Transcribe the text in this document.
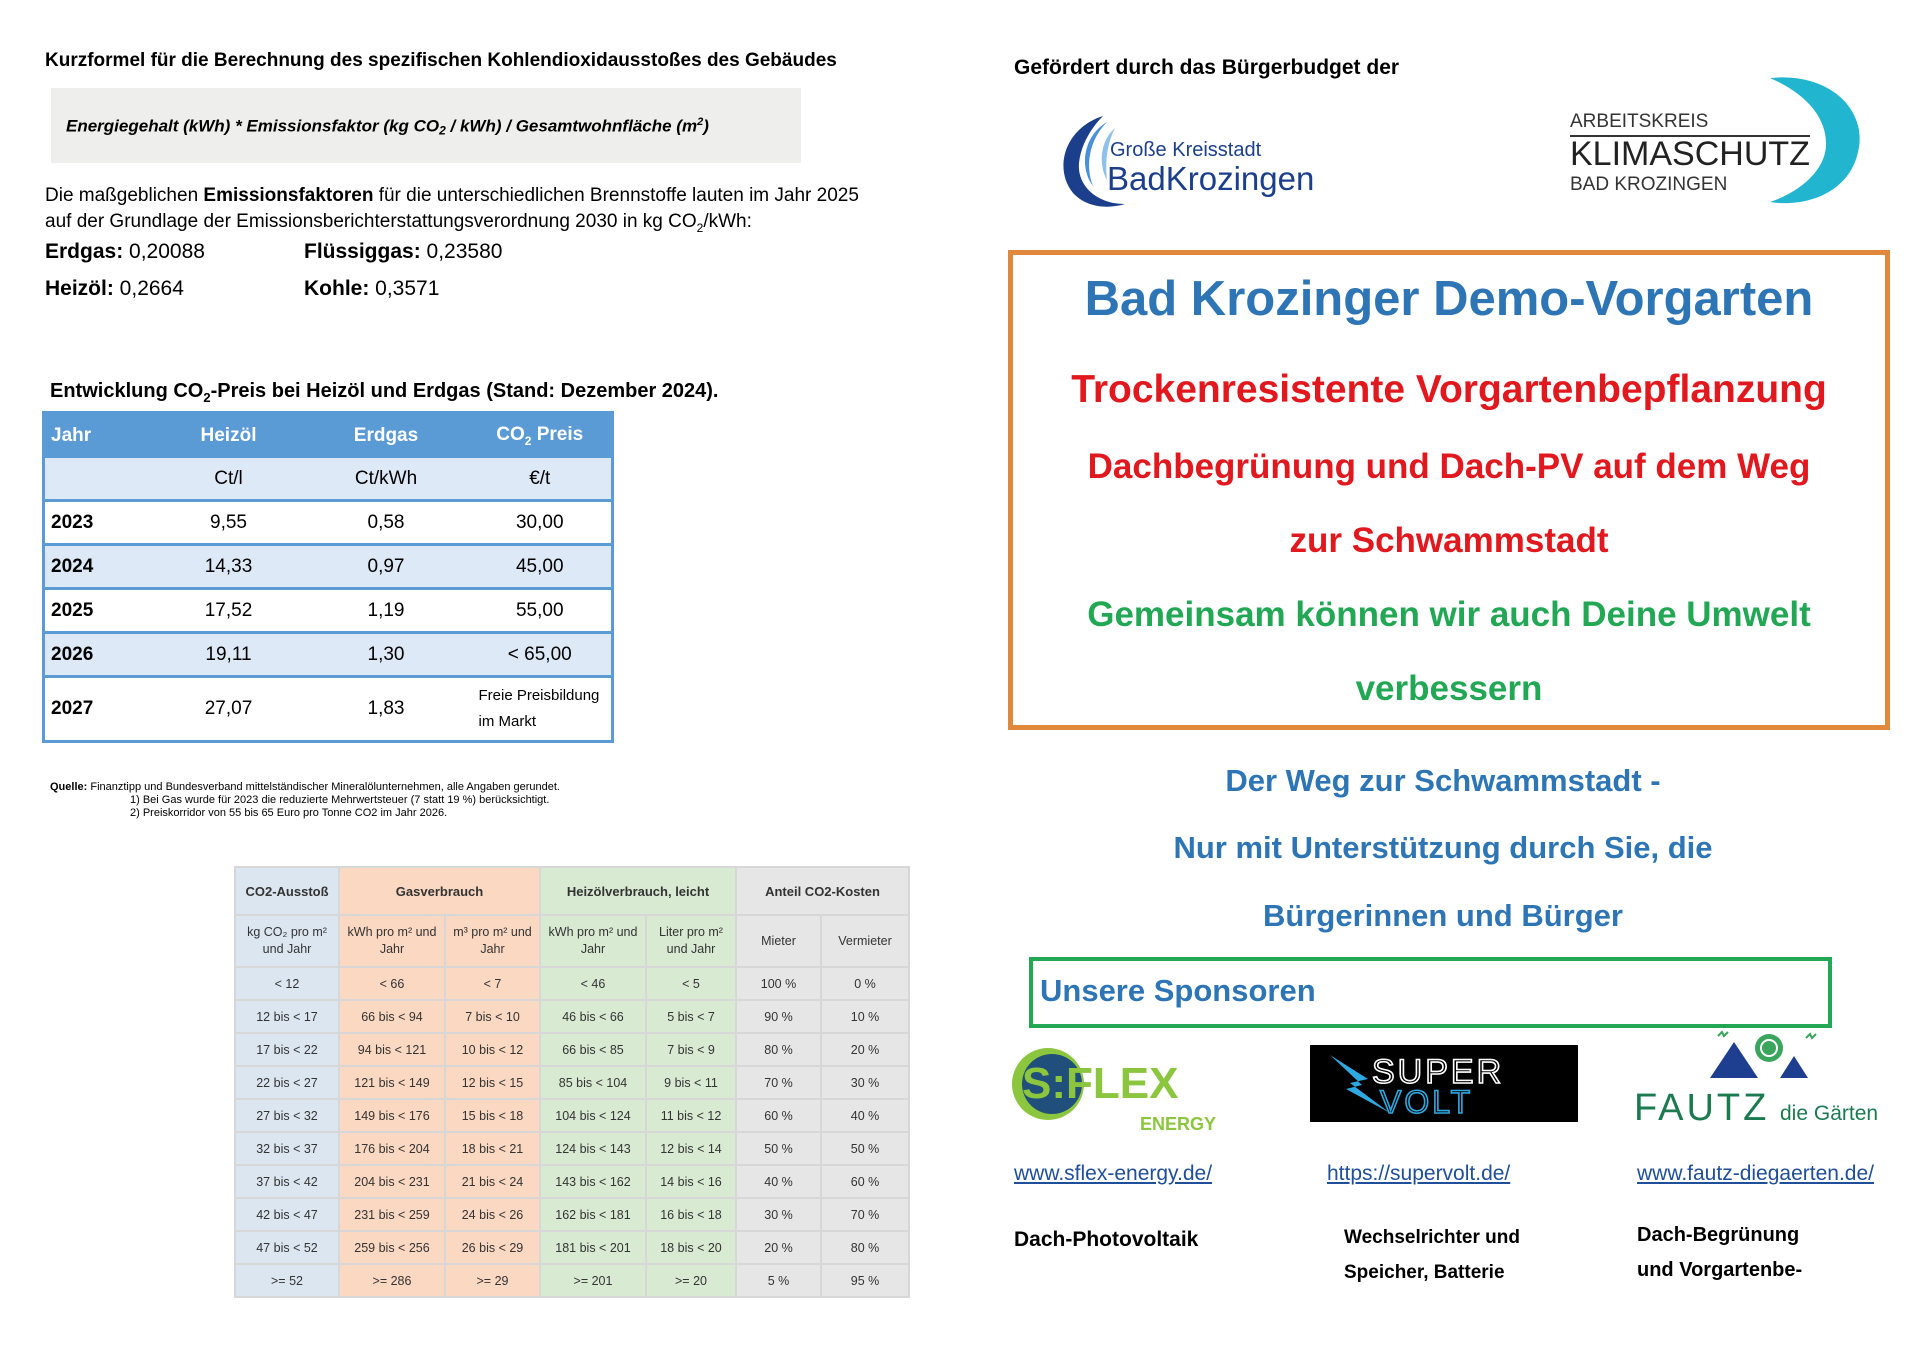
Kurzformel für die Berechnung des spezifischen Kohlendioxidausstoßes des Gebäudes
Energiegehalt (kWh) * Emissionsfaktor (kg CO2 / kWh) / Gesamtwohnfläche $(m^2)$
Die maßgeblichen Emissionsfaktoren für die unterschiedlichen Brennstoffe lauten im Jahr 2025
auf der Grundlage der Emissionsberichterstattungsverordnung 2030 in kg $CO_2$/kWh:
Erdgas: 0,20088	Flüssiggas: 0,23580
Heizöl: 0,2664	Kohle: 0,3571
Entwicklung $CO_2$-Preis bei Heizöl und Erdgas (Stand: Dezember 2024).
Jahr	Heizöl	Erdgas	$CO_2$ Preis
	Ct/l	Ct/kWh	€/t
2023	9,55	0,58	30,00
2024	14,33	0,97	45,00
2025	17,52	1,19	55,00
2026	19,11	1,30	< 65,00
2027	27,07	1,83	Freie Preisbildung
im Markt
Quelle: Finanztipp und Bundesverband mittelständischer Mineralölunternehmen, alle Angaben gerundet.
1) Bei Gas wurde für 2023 die reduzierte Mehrwertsteuer (7 statt 19 %) berücksichtigt.
2) Preiskorridor von 55 bis 65 Euro pro Tonne CO2 im Jahr 2026.
CO2-Ausstoß	Gasverbrauch		Heizölverbrauch, leicht		Anteil CO2-Kosten	
kg CO₂ pro m² und Jahr	kWh pro m² und Jahr	m³ pro m² und Jahr	kWh pro m² und Jahr	Liter pro m² und Jahr	Mieter	Vermieter
< 12	< 66	< 7	< 46	< 5	100 %	0 %
12 bis < 17	66 bis < 94	7 bis < 10	46 bis < 66	5 bis < 7	90 %	10 %
17 bis < 22	94 bis < 121	10 bis < 12	66 bis < 85	7 bis < 9	80 %	20 %
22 bis < 27	121 bis < 149	12 bis < 15	85 bis < 104	9 bis < 11	70 %	30 %
27 bis < 32	149 bis < 176	15 bis < 18	104 bis < 124	11 bis < 12	60 %	40 %
32 bis < 37	176 bis < 204	18 bis < 21	124 bis < 143	12 bis < 14	50 %	50 %
37 bis < 42	204 bis < 231	21 bis < 24	143 bis < 162	14 bis < 16	40 %	60 %
42 bis < 47	231 bis < 259	24 bis < 26	162 bis < 181	16 bis < 18	30 %	70 %
47 bis < 52	259 bis < 256	26 bis < 29	181 bis < 201	18 bis < 20	20 %	80 %
>= 52	>= 286	>= 29	>= 201	>= 20	5 %	95 %
Gefördert durch das Bürgerbudget der
Große Kreisstadt
BadKrozingen
ARBEITSKREIS
KLIMASCHUTZ
BAD KROZINGEN
Bad Krozinger Demo-Vorgarten
Trockenresistente Vorgartenbepflanzung
Dachbegrünung und Dach-PV auf dem Weg
zur Schwammstadt
Gemeinsam können wir auch Deine Umwelt
verbessern
Der Weg zur Schwammstadt -
Nur mit Unterstützung durch Sie, die
Bürgerinnen und Bürger
Unsere Sponsoren
S:FLEX
ENERGY
SUPER
VOLT	FAUTZ die Gärten
www.sflex-energy.de/	https://supervolt.de/	www.fautz-diegaerten.de/
Dach-Photovoltaik	Wechselrichter und
Speicher, Batterie
Dach-Begrünung
und Vorgartenbe-
